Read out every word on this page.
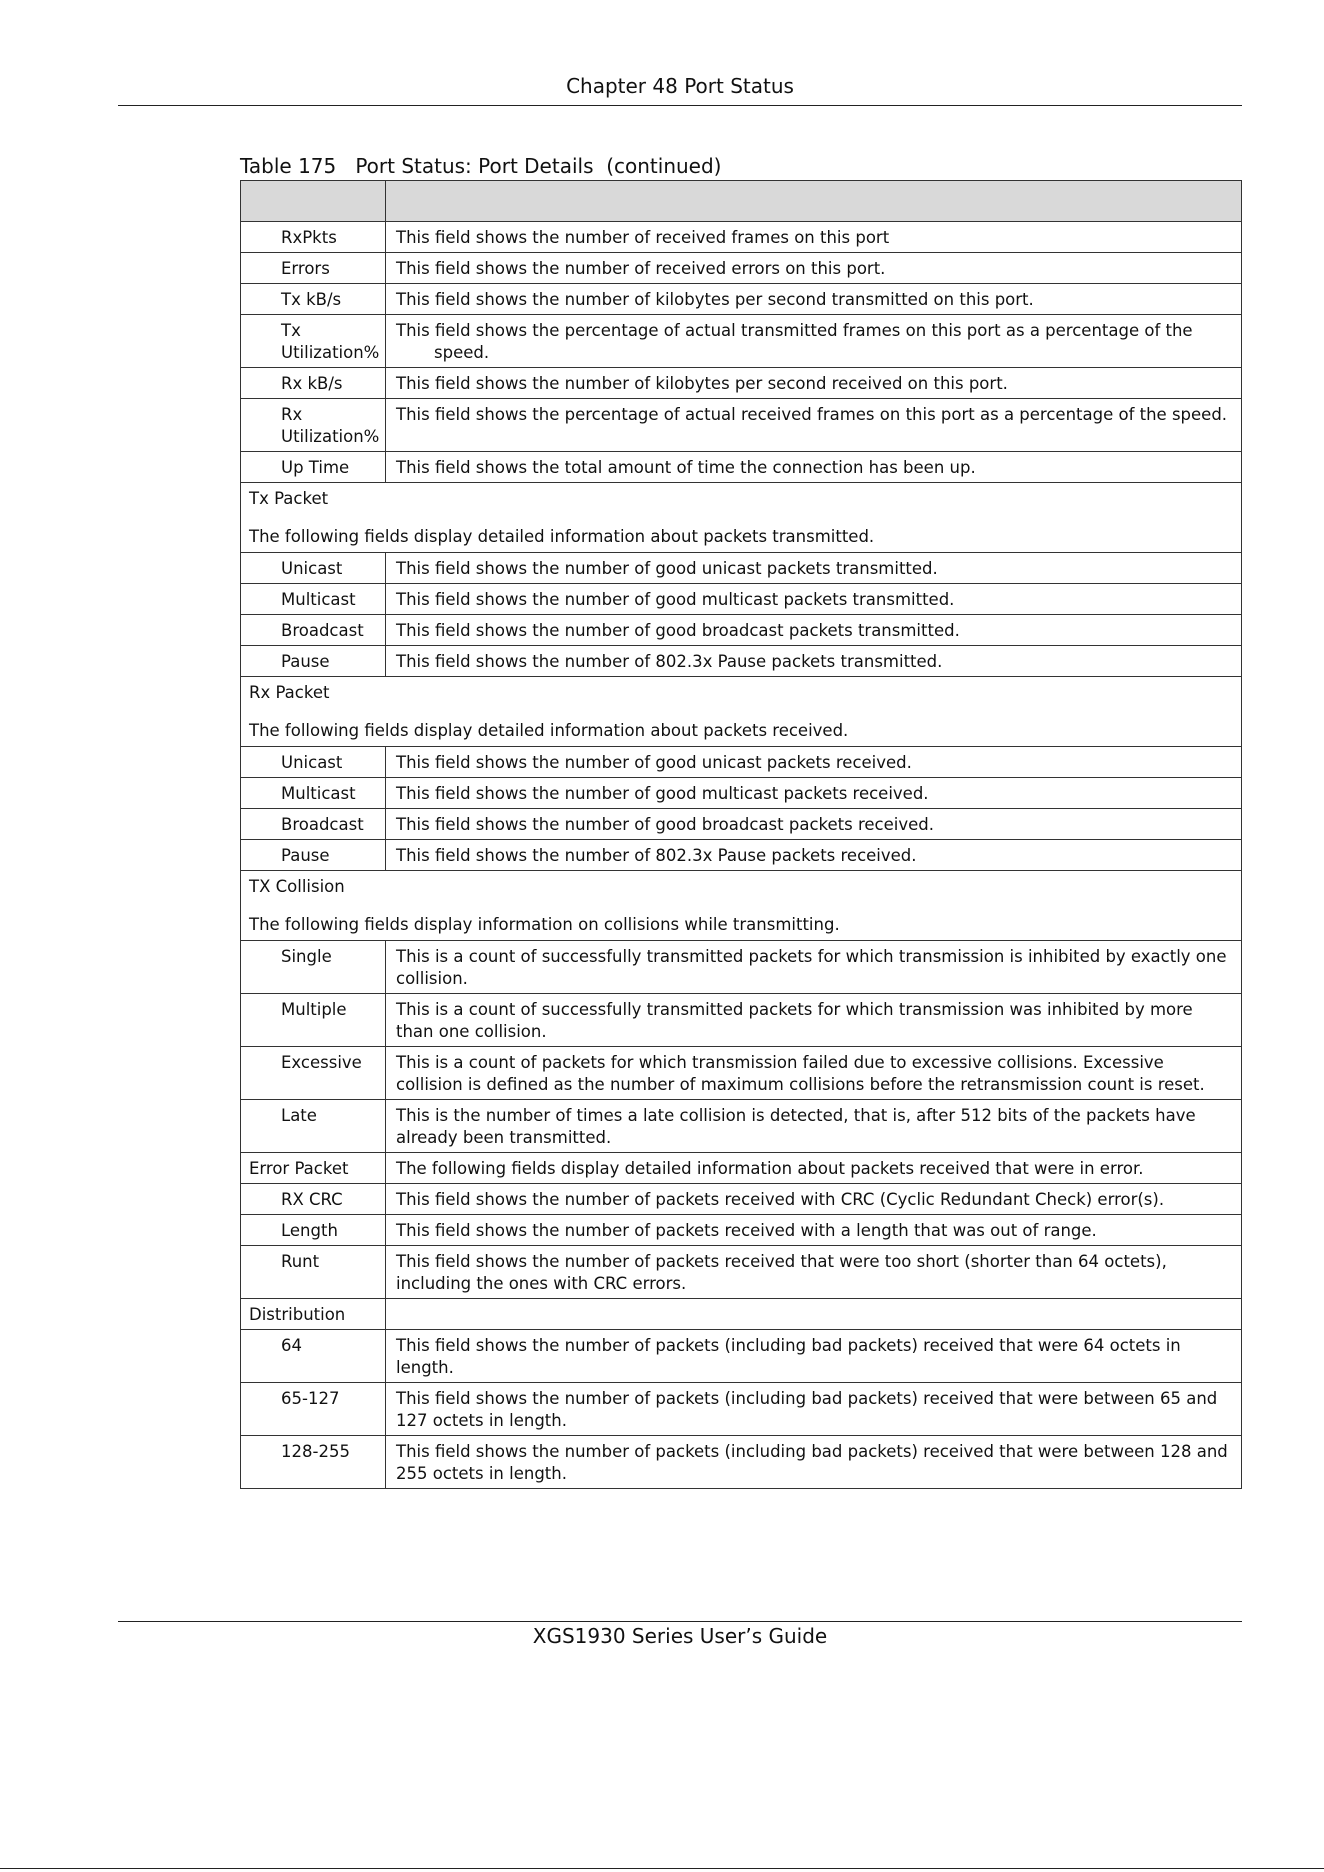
Chapter 48 Port Status
Table 175   Port Status: Port Details  (continued)

RxPkts	This field shows the number of received frames on this port
Errors	This field shows the number of received errors on this port.
Tx kB/s	This field shows the number of kilobytes per second transmitted on this port.
Tx
Utilization%	This field shows the percentage of actual transmitted frames on this port as a percentage of the
speed.
Rx kB/s	This field shows the number of kilobytes per second received on this port.
Rx
Utilization%	This field shows the percentage of actual received frames on this port as a percentage of the speed.
Up Time	This field shows the total amount of time the connection has been up.
Tx Packet
The following fields display detailed information about packets transmitted.	

Unicast	This field shows the number of good unicast packets transmitted.
Multicast	This field shows the number of good multicast packets transmitted.
Broadcast	This field shows the number of good broadcast packets transmitted.
Pause	This field shows the number of 802.3x Pause packets transmitted.
Rx Packet
The following fields display detailed information about packets received.	

Unicast	This field shows the number of good unicast packets received.
Multicast	This field shows the number of good multicast packets received.
Broadcast	This field shows the number of good broadcast packets received.
Pause	This field shows the number of 802.3x Pause packets received.
TX Collision
The following fields display information on collisions while transmitting.	

Single	This is a count of successfully transmitted packets for which transmission is inhibited by exactly one collision.
Multiple	This is a count of successfully transmitted packets for which transmission was inhibited by more than one collision.
Excessive	This is a count of packets for which transmission failed due to excessive collisions. Excessive collision is defined as the number of maximum collisions before the retransmission count is reset.
Late	This is the number of times a late collision is detected, that is, after 512 bits of the packets have already been transmitted.
Error Packet	The following fields display detailed information about packets received that were in error.
RX CRC	This field shows the number of packets received with CRC (Cyclic Redundant Check) error(s).
Length	This field shows the number of packets received with a length that was out of range.
Runt	This field shows the number of packets received that were too short (shorter than 64 octets), including the ones with CRC errors.
Distribution	
64	This field shows the number of packets (including bad packets) received that were 64 octets in length.
65-127	This field shows the number of packets (including bad packets) received that were between 65 and 127 octets in length.
128-255	This field shows the number of packets (including bad packets) received that were between 128 and 255 octets in length.
XGS1930 Series User’s Guide
